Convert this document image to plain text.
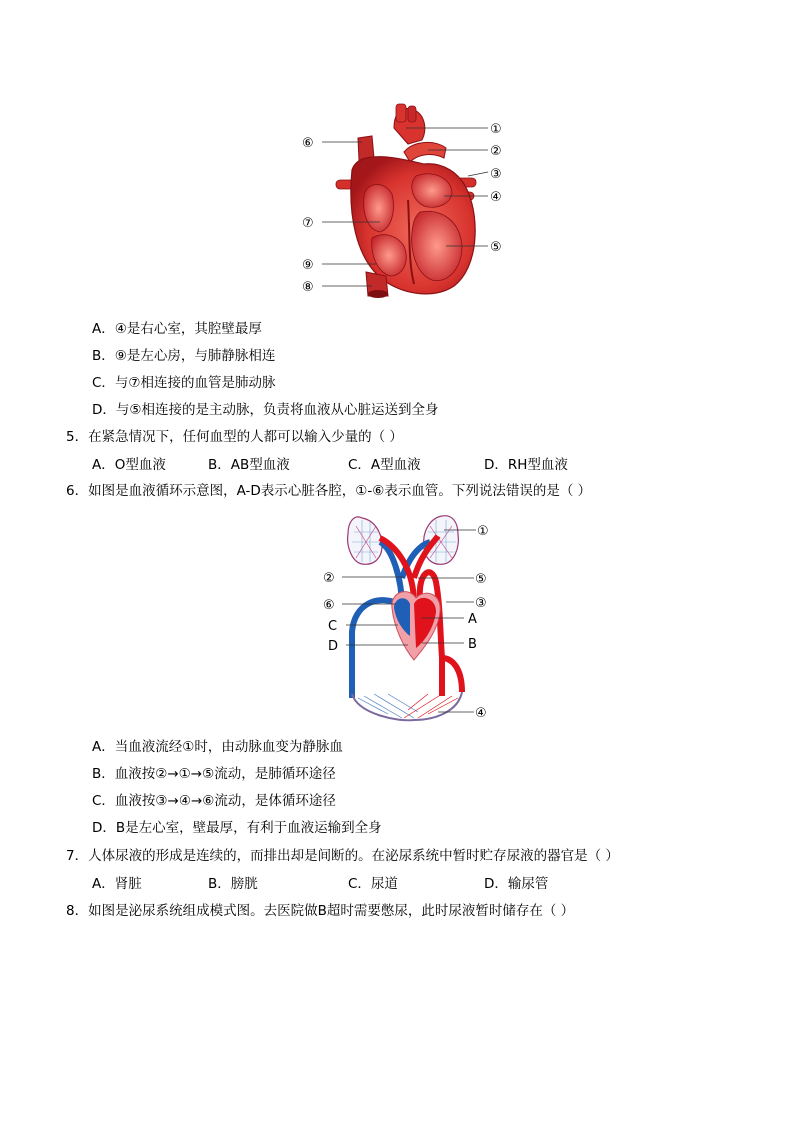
①
②
③
④
⑤
⑥
⑦
⑧
⑨
A．④是右心室，其腔壁最厚
B．⑨是左心房，与肺静脉相连
C．与⑦相连接的血管是肺动脉
D．与⑤相连接的是主动脉，负责将血液从心脏运送到全身
5．在紧急情况下，任何血型的人都可以输入少量的（ ）
A．O型血液	B．AB型血液	C．A型血液	D．RH型血液
6．如图是血液循环示意图，A-D表示心脏各腔，①-⑥表示血管。下列说法错误的是（ ）
①
②	⑤
③
⑥
A
C
B
D
④
A．当血液流经①时，由动脉血变为静脉血
B．血液按②→①→⑤流动，是肺循环途径
C．血液按③→④→⑥流动，是体循环途径
D．B是左心室，壁最厚，有利于血液运输到全身
7．人体尿液的形成是连续的，而排出却是间断的。在泌尿系统中暂时贮存尿液的器官是（ ）
A．肾脏	B．膀胱	C．尿道	D．输尿管
8．如图是泌尿系统组成模式图。去医院做B超时需要憋尿，此时尿液暂时储存在（ ）
